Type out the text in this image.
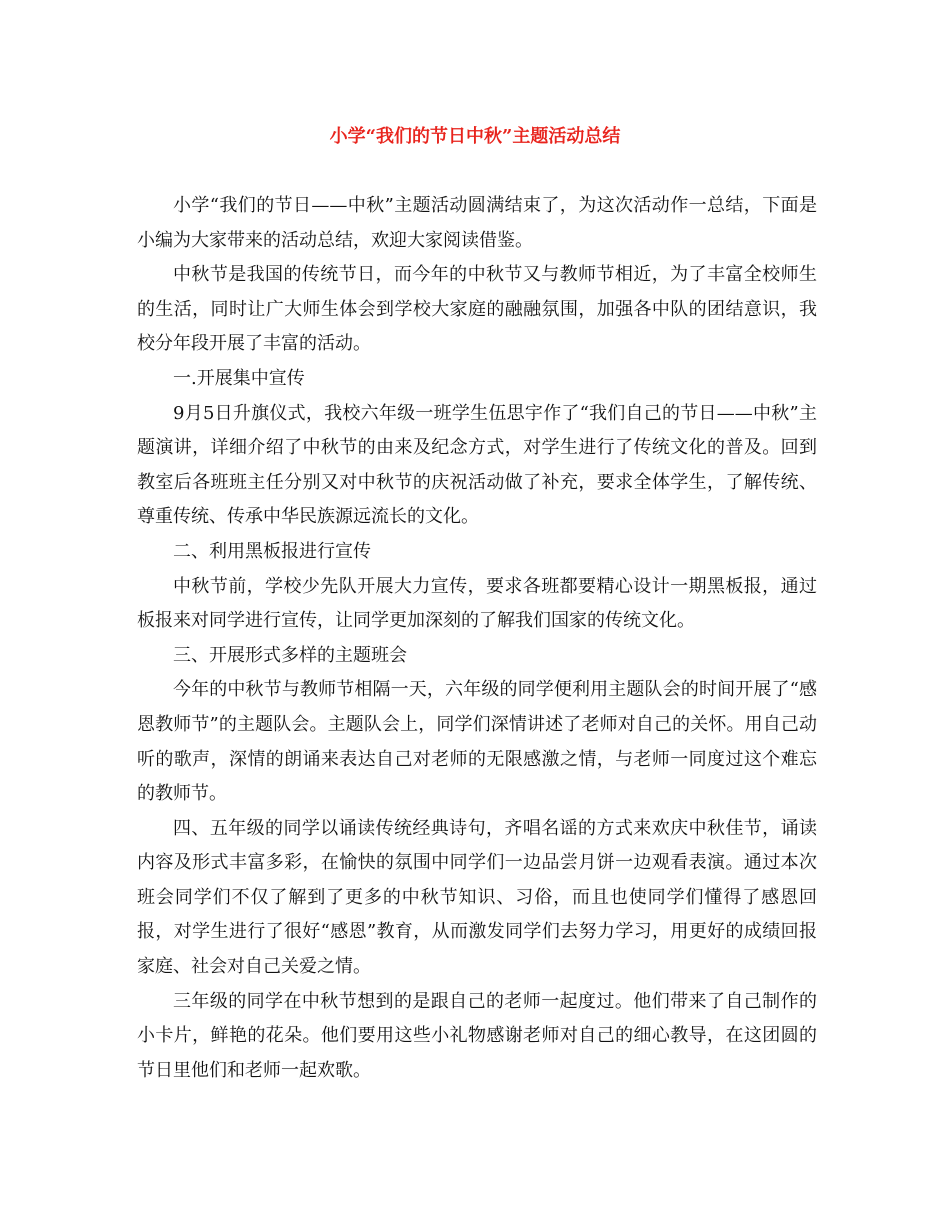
小学“我们的节日中秋”主题活动总结

小学“我们的节日——中秋”主题活动圆满结束了，为这次活动作一总结，下面是小编为大家带来的活动总结，欢迎大家阅读借鉴。

中秋节是我国的传统节日，而今年的中秋节又与教师节相近，为了丰富全校师生的生活，同时让广大师生体会到学校大家庭的融融氛围，加强各中队的团结意识，我校分年段开展了丰富的活动。

一.开展集中宣传

9月5日升旗仪式，我校六年级一班学生伍思宇作了“我们自己的节日——中秋”主题演讲，详细介绍了中秋节的由来及纪念方式，对学生进行了传统文化的普及。回到教室后各班班主任分别又对中秋节的庆祝活动做了补充，要求全体学生，了解传统、尊重传统、传承中华民族源远流长的文化。

二、利用黑板报进行宣传

中秋节前，学校少先队开展大力宣传，要求各班都要精心设计一期黑板报，通过板报来对同学进行宣传，让同学更加深刻的了解我们国家的传统文化。

三、开展形式多样的主题班会

今年的中秋节与教师节相隔一天，六年级的同学便利用主题队会的时间开展了“感恩教师节”的主题队会。主题队会上，同学们深情讲述了老师对自己的关怀。用自己动听的歌声，深情的朗诵来表达自己对老师的无限感激之情，与老师一同度过这个难忘的教师节。

四、五年级的同学以诵读传统经典诗句，齐唱名谣的方式来欢庆中秋佳节，诵读内容及形式丰富多彩，在愉快的氛围中同学们一边品尝月饼一边观看表演。通过本次班会同学们不仅了解到了更多的中秋节知识、习俗，而且也使同学们懂得了感恩回报，对学生进行了很好“感恩”教育，从而激发同学们去努力学习，用更好的成绩回报家庭、社会对自己关爱之情。

三年级的同学在中秋节想到的是跟自己的老师一起度过。他们带来了自己制作的小卡片，鲜艳的花朵。他们要用这些小礼物感谢老师对自己的细心教导，在这团圆的节日里他们和老师一起欢歌。
